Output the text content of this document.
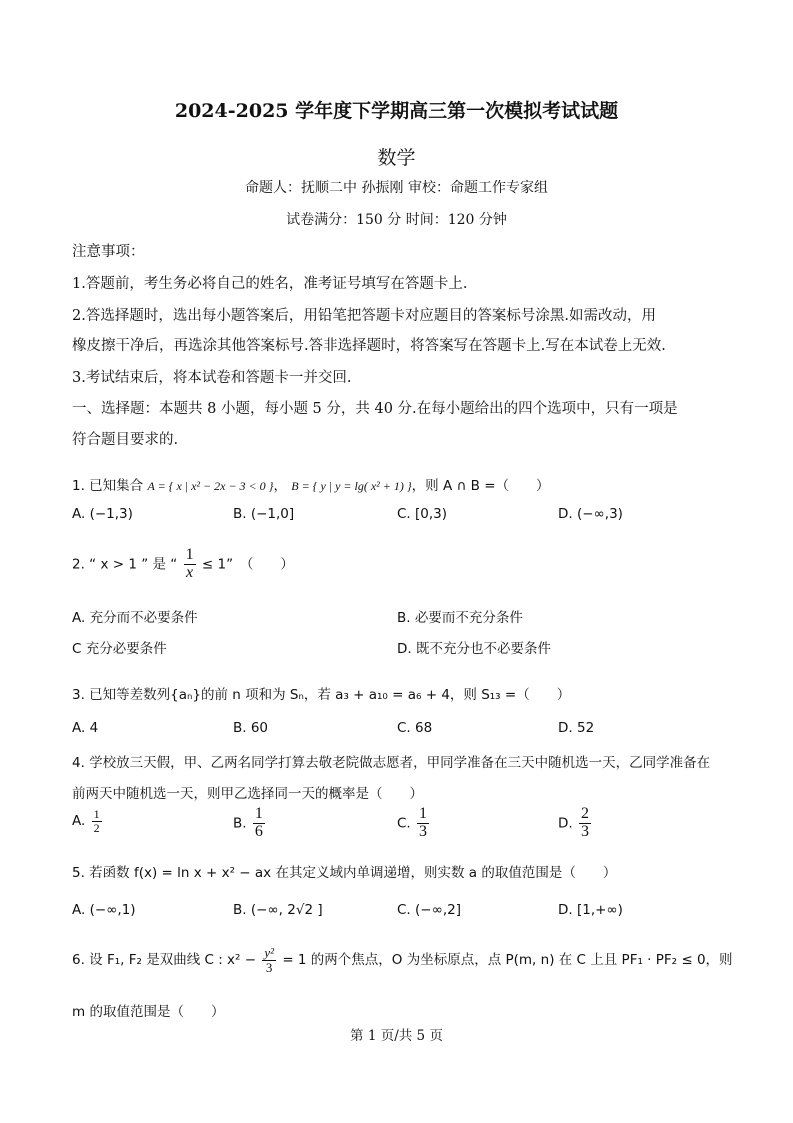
2024-2025 学年度下学期高三第一次模拟考试试题
数学
命题人：抚顺二中 孙振刚 审校：命题工作专家组
试卷满分：150 分 时间：120 分钟
注意事项：
1.答题前，考生务必将自己的姓名，准考证号填写在答题卡上.
2.答选择题时，选出每小题答案后，用铅笔把答题卡对应题目的答案标号涂黑.如需改动，用
橡皮擦干净后，再选涂其他答案标号.答非选择题时，将答案写在答题卡上.写在本试卷上无效.
3.考试结束后，将本试卷和答题卡一并交回.
一、选择题：本题共 8 小题，每小题 5 分，共 40 分.在每小题给出的四个选项中，只有一项是
符合题目要求的.
1. 已知集合 A = { x | x² − 2x − 3 < 0 }， B = { y | y = lg( x² + 1) }，则 A ∩ B =（　　）
A. (−1,3)	B. (−1,0]	C. [0,3)	D. (−∞,3)
2. “ x > 1 ” 是 “ $\frac{1}{x} \le 1$”　（　　）
A. 充分而不必要条件	B. 必要而不充分条件
C 充分必要条件	D. 既不充分也不必要条件
3. 已知等差数列{aₙ}的前 n 项和为 Sₙ，若 a₃ + a₁₀ = a₆ + 4，则 S₁₃ =（　　）
A. 4	B. 60	C. 68	D. 52
4. 学校放三天假，甲、乙两名同学打算去敬老院做志愿者，甲同学准备在三天中随机选一天，乙同学准备在
前两天中随机选一天，则甲乙选择同一天的概率是（　　）
A. $\frac{1}{2}$	B. $\frac{1}{6}$	C. $\frac{1}{3}$	D. $\frac{2}{3}$
5. 若函数 f(x) = ln x + x² − ax 在其定义域内单调递增，则实数 a 的取值范围是（　　）
A. (−∞,1)	B. (−∞, 2√2 ]	C. (−∞,2]	D. [1,+∞)
6. 设 F₁, F₂ 是双曲线 C : $x^2 - \frac{\text{y²}}{3} = 1$ 的两个焦点，O 为坐标原点，点 P(m, n) 在 C 上且 PF₁ · PF₂ ≤ 0，则
m 的取值范围是（　　）
第 1 页/共 5 页
